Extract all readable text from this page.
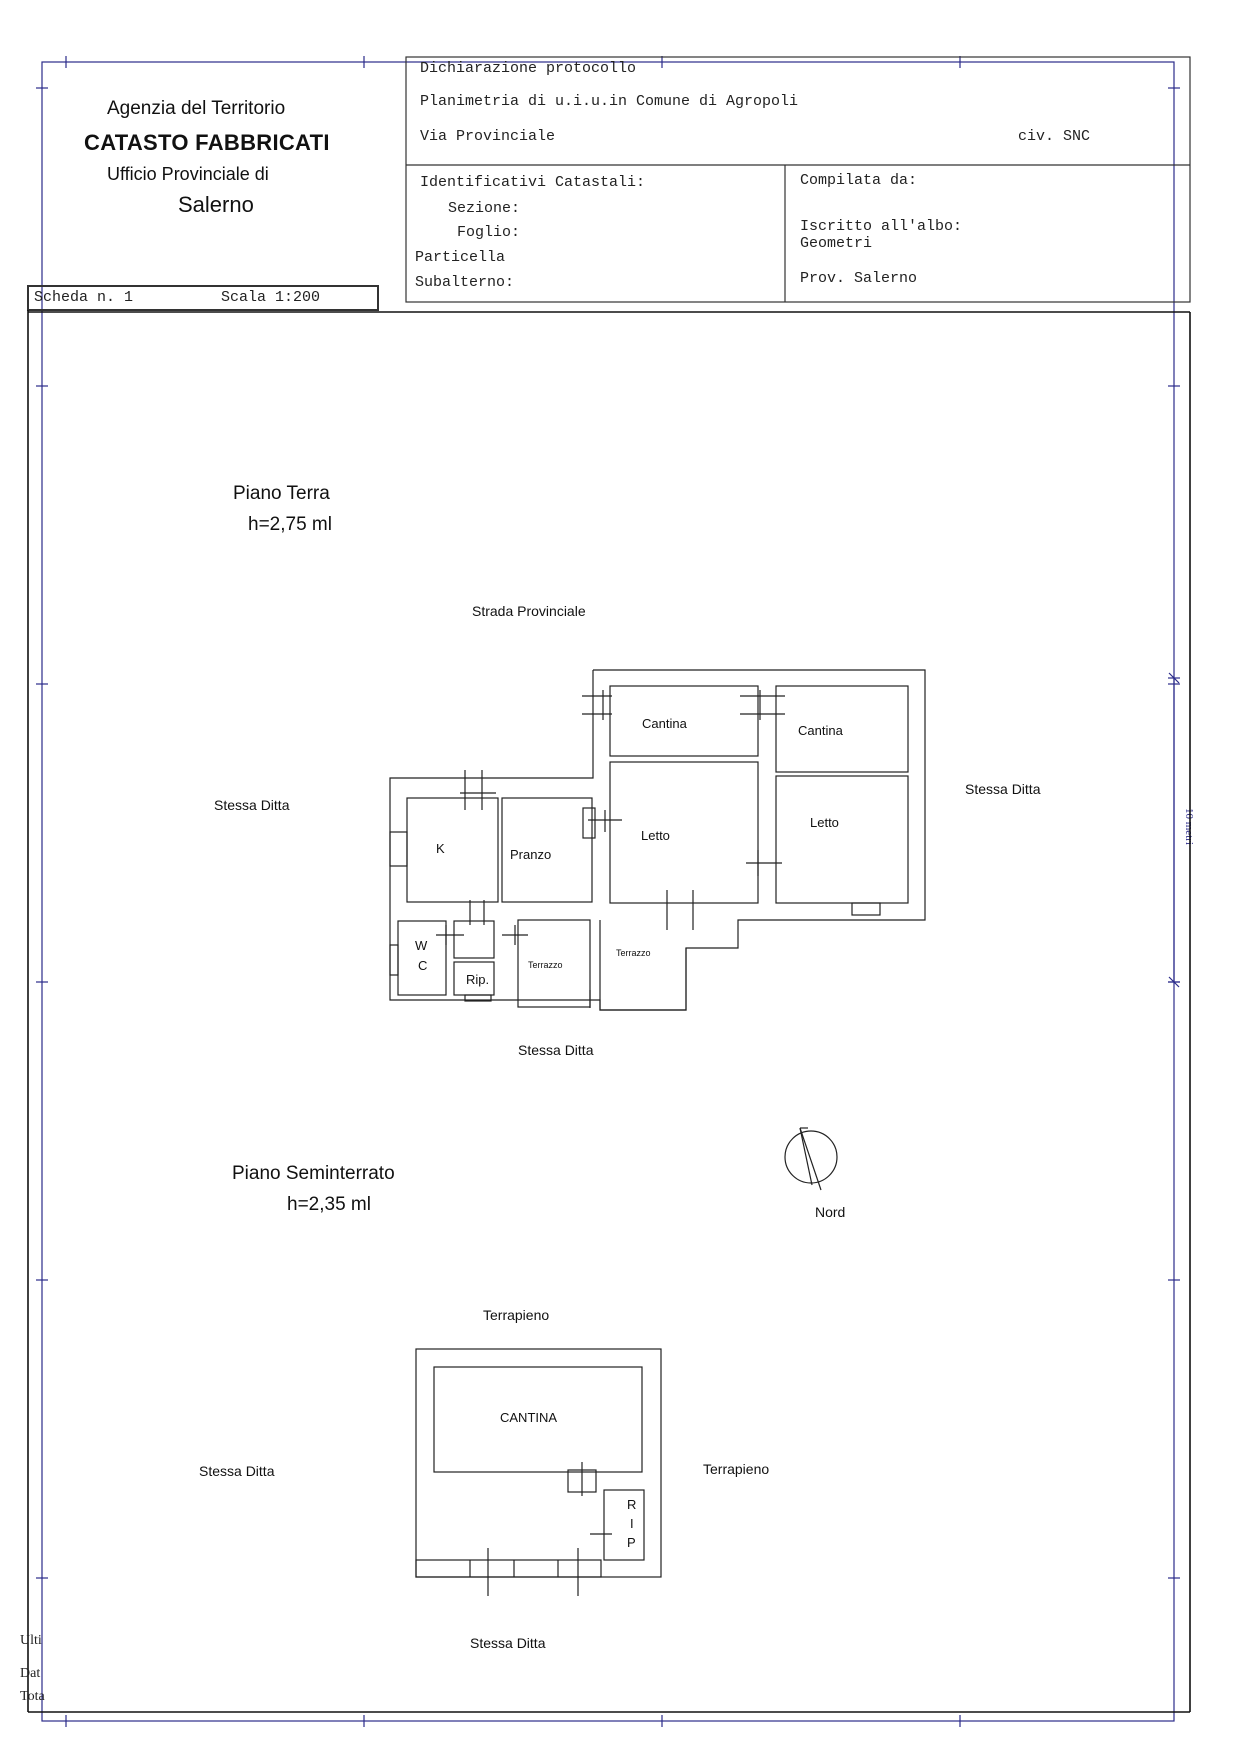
10 metri
Agenzia del Territorio
CATASTO FABBRICATI
Ufficio Provinciale di
Salerno
Dichiarazione protocollo
Planimetria di u.i.u.in Comune di Agropoli
Via Provinciale	civ. SNC
Identificativi Catastali:
Sezione:
Foglio:
Particella
Subalterno:
Compilata da:
Iscritto all'albo:
Geometri
Prov. Salerno
Scheda n. 1	Scala 1:200
Piano Terra
h=2,75 ml
Strada Provinciale
Stessa Ditta
Stessa Ditta
Stessa Ditta
Cantina	Cantina
K	Pranzo
Letto
Letto
W
C
Rip.
Terrazzo
Terrazzo
Nord
Piano Seminterrato
h=2,35 ml
Terrapieno
Stessa Ditta	Terrapieno
Stessa Ditta
CANTINA
R
I
P
Ulti
Dat
Tota
